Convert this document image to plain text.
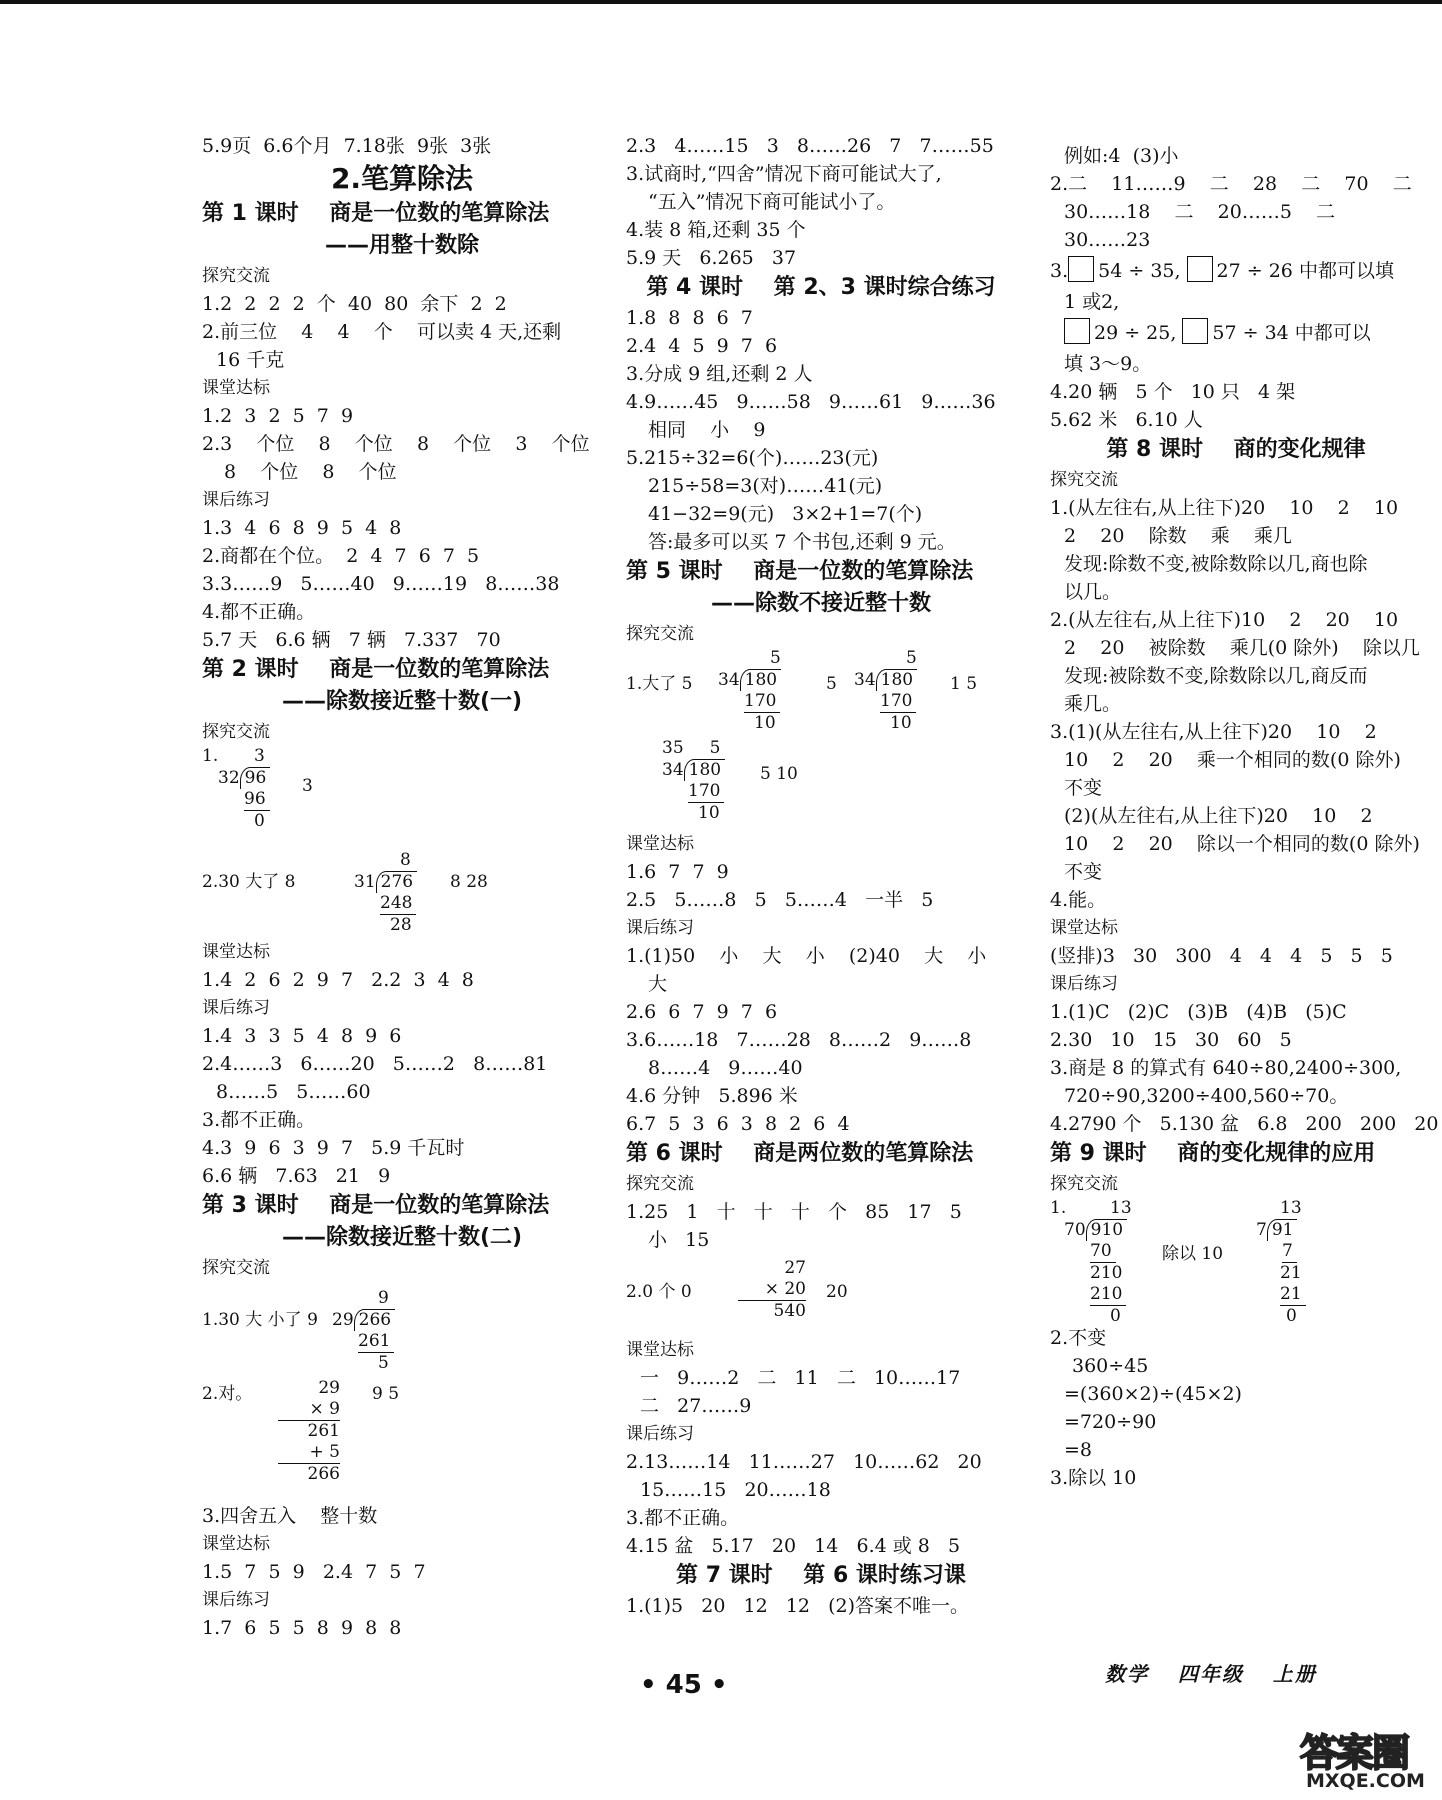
5.9页  6.6个月  7.18张  9张  3张
2.笔算除法
第 1 课时    商是一位数的笔算除法
——用整十数除
探究交流
1.2  2  2  2  个  40  80  余下  2  2
2.前三位    4    4    个    可以卖 4 天,还剩
16 千克
课堂达标
1.2  3  2  5  7  9
2.3    个位    8    个位    8    个位    3    个位
8    个位    8    个位
课后练习
1.3  4  6  8  9  5  4  8
2.商都在个位。  2  4  7  6  7  5
3.3……9   5……40   9……19   8……38
4.都不正确。
5.7 天   6.6 辆   7 辆   7.337   70
第 2 课时    商是一位数的笔算除法
——除数接近整十数(一)
探究交流
1.	3
32 96
96
0
3
2.30 大了 8
8
31 276
248
28
8 28
课堂达标
1.4  2  6  2  9  7   2.2  3  4  8
课后练习
1.4  3  3  5  4  8  9  6
2.4……3   6……20   5……2   8……81
8……5   5……60
3.都不正确。
4.3  9  6  3  9  7   5.9 千瓦时
6.6 辆   7.63   21   9
第 3 课时    商是一位数的笔算除法
——除数接近整十数(二)
探究交流
1.30 大 小了 9
9
29 266
261
5
2.对。	29
× 9
261
+ 5
266
9 5
3.四舍五入    整十数
课堂达标
1.5  7  5  9   2.4  7  5  7
课后练习
1.7  6  5  5  8  9  8  8
2.3   4……15   3   8……26   7   7……55
3.试商时,“四舍”情况下商可能试大了,
“五入”情况下商可能试小了。
4.装 8 箱,还剩 35 个
5.9 天   6.265   37
第 4 课时    第 2、3 课时综合练习
1.8  8  8  6  7
2.4  4  5  9  7  6
3.分成 9 组,还剩 2 人
4.9……45   9……58   9……61   9……36
相同    小    9
5.215÷32=6(个)……23(元)
215÷58=3(对)……41(元)
41−32=9(元)   3×2+1=7(个)
答:最多可以买 7 个书包,还剩 9 元。
第 5 课时    商是一位数的笔算除法
——除数不接近整十数
探究交流
1.大了 5
5
34 180
170
10
5
5
34 180
170
10
1 5
35 5
34 180
170
10
5 10
课堂达标
1.6  7  7  9
2.5   5……8   5   5……4   一半   5
课后练习
1.(1)50    小    大    小    (2)40    大    小
大
2.6  6  7  9  7  6
3.6……18   7……28   8……2   9……8
8……4   9……40
4.6 分钟   5.896 米
6.7  5  3  6  3  8  2  6  4
第 6 课时    商是两位数的笔算除法
探究交流
1.25   1   十   十   十   个   85   17   5
小   15
2.0 个 0
27
× 20
540
20
课堂达标
一   9……2   二   11   二   10……17
二   27……9
课后练习
2.13……14   11……27   10……62   20
15……15   20……18
3.都不正确。
4.15 盆   5.17   20   14   6.4 或 8   5
第 7 课时    第 6 课时练习课
1.(1)5   20   12   12   (2)答案不唯一。
例如:4  (3)小
2.二    11……9    二    28    二    70    二
30……18    二    20……5    二
30……23
3. 54 ÷ 35, 27 ÷ 26 中都可以填
1 或2,
29 ÷ 25, 57 ÷ 34 中都可以
填 3～9。
4.20 辆   5 个   10 只   4 架
5.62 米   6.10 人
第 8 课时    商的变化规律
探究交流
1.(从左往右,从上往下)20    10    2    10
2    20    除数    乘    乘几
发现:除数不变,被除数除以几,商也除
以几。
2.(从左往右,从上往下)10    2    20    10
2    20    被除数    乘几(0 除外)    除以几
发现:被除数不变,除数除以几,商反而
乘几。
3.(1)(从左往右,从上往下)20    10    2
10    2    20    乘一个相同的数(0 除外)
不变
(2)(从左往右,从上往下)20    10    2
10    2    20    除以一个相同的数(0 除外)
不变
4.能。
课堂达标
(竖排)3   30   300   4   4   4   5   5   5
课后练习
1.(1)C   (2)C   (3)B   (4)B   (5)C
2.30   10   15   30   60   5
3.商是 8 的算式有 640÷80,2400÷300,
720÷90,3200÷400,560÷70。
4.2790 个   5.130 盆   6.8   200   200   20
第 9 课时    商的变化规律的应用
探究交流
1.	13
70 910
70
210
210
0
除以 10
13
7 91
7
21
21
0
2.不变
360÷45
=(360×2)÷(45×2)
=720÷90
=8
3.除以 10
• 45 •	数学 四年级 上册
答案圈
MXQE.COM
